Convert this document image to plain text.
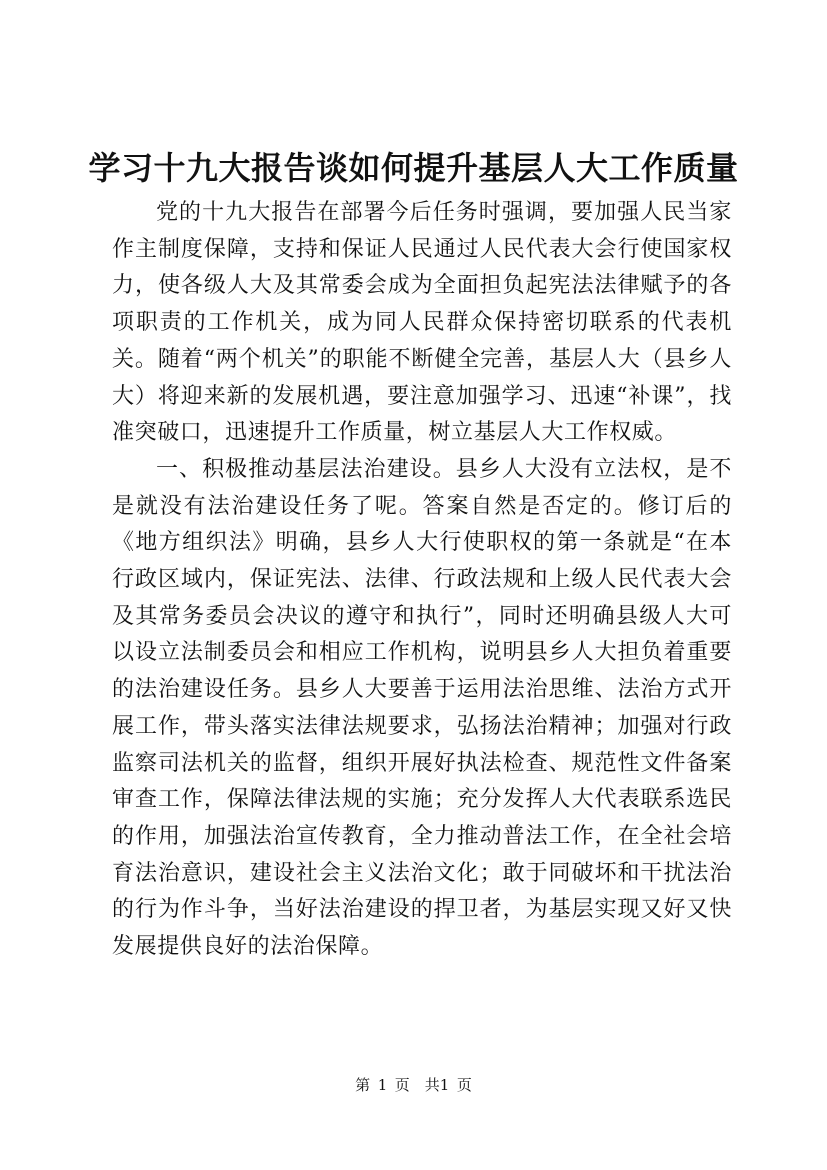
学习十九大报告谈如何提升基层人大工作质量

党的十九大报告在部署今后任务时强调，要加强人民当家作主制度保障，支持和保证人民通过人民代表大会行使国家权力，使各级人大及其常委会成为全面担负起宪法法律赋予的各项职责的工作机关，成为同人民群众保持密切联系的代表机关。随着“两个机关”的职能不断健全完善，基层人大（县乡人大）将迎来新的发展机遇，要注意加强学习、迅速“补课”，找准突破口，迅速提升工作质量，树立基层人大工作权威。

一、积极推动基层法治建设。县乡人大没有立法权，是不是就没有法治建设任务了呢。答案自然是否定的。修订后的《地方组织法》明确，县乡人大行使职权的第一条就是“在本行政区域内，保证宪法、法律、行政法规和上级人民代表大会及其常务委员会决议的遵守和执行”，同时还明确县级人大可以设立法制委员会和相应工作机构，说明县乡人大担负着重要的法治建设任务。县乡人大要善于运用法治思维、法治方式开展工作，带头落实法律法规要求，弘扬法治精神；加强对行政监察司法机关的监督，组织开展好执法检查、规范性文件备案审查工作，保障法律法规的实施；充分发挥人大代表联系选民的作用，加强法治宣传教育，全力推动普法工作，在全社会培育法治意识，建设社会主义法治文化；敢于同破坏和干扰法治的行为作斗争，当好法治建设的捍卫者，为基层实现又好又快发展提供良好的法治保障。

第 1 页 共1 页
